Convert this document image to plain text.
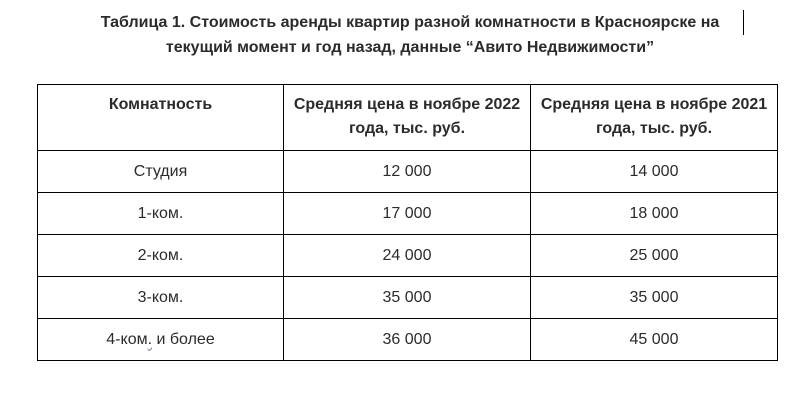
Таблица 1. Стоимость аренды квартир разной комнатности в Красноярске на
текущий момент и год назад, данные “Авито Недвижимости”
Комнатность	Средняя цена в ноябре 2022 года, тыс. руб.	Средняя цена в ноябре 2021 года, тыс. руб.
Студия	12 000	14 000
1-ком.	17 000	18 000
2-ком.	24 000	25 000
3-ком.	35 000	35 000
4-ком. и более	36 000	45 000
